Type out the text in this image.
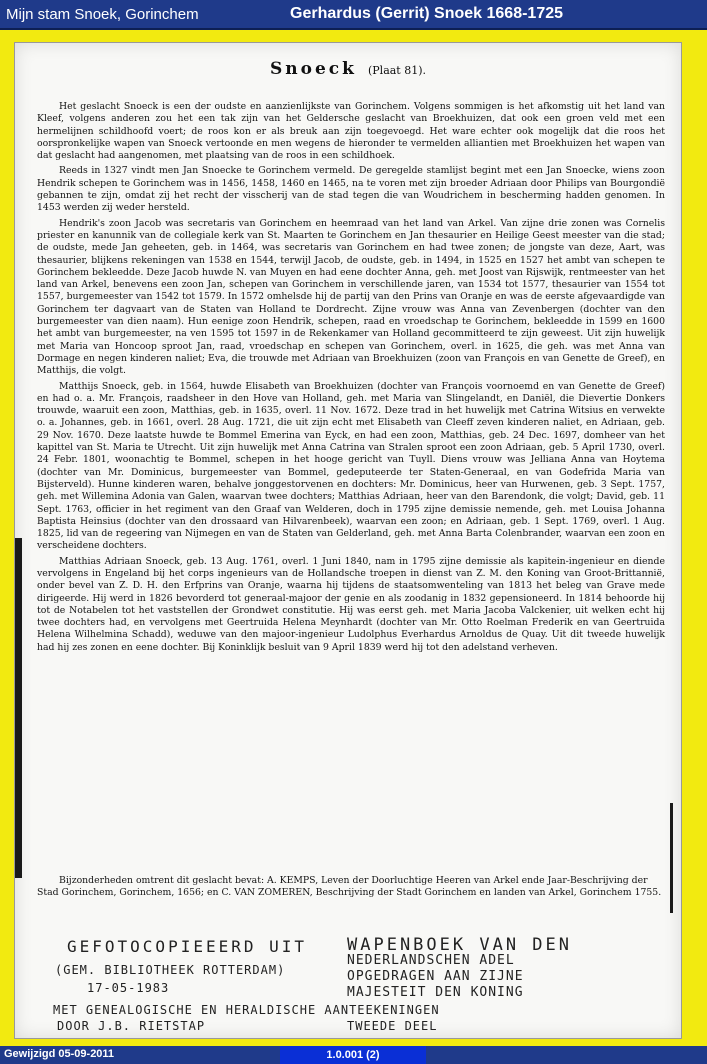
Mijn stam Snoek, Gorinchem	Gerhardus (Gerrit) Snoek 1668-1725
Snoeck (Plaat 81).

Het geslacht Snoeck is een der oudste en aanzienlijkste van Gorinchem. Volgens sommigen is het afkomstig uit het land van Kleef, volgens anderen zou het een tak zijn van het Geldersche geslacht van Broekhuizen, dat ook een groen veld met een hermelijnen schildhoofd voert; de roos kon er als breuk aan zijn toegevoegd. Het ware echter ook mogelijk dat die roos het oorspronkelijke wapen van Snoeck vertoonde en men wegens de hieronder te vermelden alliantien met Broekhuizen het wapen van dat geslacht had aangenomen, met plaatsing van de roos in een schildhoek.

Reeds in 1327 vindt men Jan Snoecke te Gorinchem vermeld. De geregelde stamlijst begint met een Jan Snoecke, wiens zoon Hendrik schepen te Gorinchem was in 1456, 1458, 1460 en 1465, na te voren met zijn broeder Adriaan door Philips van Bourgondië gebannen te zijn, omdat zij het recht der visscherij van de stad tegen die van Woudrichem in bescherming hadden genomen. In 1453 werden zij weder hersteld.

Hendrik's zoon Jacob was secretaris van Gorinchem en heemraad van het land van Arkel. Van zijne drie zonen was Cornelis priester en kanunnik van de collegiale kerk van St. Maarten te Gorinchem en Jan thesaurier en Heilige Geest meester van die stad; de oudste, mede Jan geheeten, geb. in 1464, was secretaris van Gorinchem en had twee zonen; de jongste van deze, Aart, was thesaurier, blijkens rekeningen van 1538 en 1544, terwijl Jacob, de oudste, geb. in 1494, in 1525 en 1527 het ambt van schepen te Gorinchem bekleedde. Deze Jacob huwde N. van Muyen en had eene dochter Anna, geh. met Joost van Rijswijk, rentmeester van het land van Arkel, benevens een zoon Jan, schepen van Gorinchem in verschillende jaren, van 1534 tot 1577, thesaurier van 1554 tot 1557, burgemeester van 1542 tot 1579. In 1572 omhelsde hij de partij van den Prins van Oranje en was de eerste afgevaardigde van Gorinchem ter dagvaart van de Staten van Holland te Dordrecht. Zijne vrouw was Anna van Zevenbergen (dochter van den burgemeester van dien naam). Hun eenige zoon Hendrik, schepen, raad en vroedschap te Gorinchem, bekleedde in 1599 en 1600 het ambt van burgemeester, na ven 1595 tot 1597 in de Rekenkamer van Holland gecommitteerd te zijn geweest. Uit zijn huwelijk met Maria van Honcoop sproot Jan, raad, vroedschap en schepen van Gorinchem, overl. in 1625, die geh. was met Anna van Dormage en negen kinderen naliet; Eva, die trouwde met Adriaan van Broekhuizen (zoon van François en van Genette de Greef), en Matthijs, die volgt.

Matthijs Snoeck, geb. in 1564, huwde Elisabeth van Broekhuizen (dochter van François voornoemd en van Genette de Greef) en had o. a. Mr. François, raadsheer in den Hove van Holland, geh. met Maria van Slingelandt, en Daniël, die Dievertie Donkers trouwde, waaruit een zoon, Matthias, geb. in 1635, overl. 11 Nov. 1672. Deze trad in het huwelijk met Catrina Witsius en verwekte o. a. Johannes, geb. in 1661, overl. 28 Aug. 1721, die uit zijn echt met Elisabeth van Cleeff zeven kinderen naliet, en Adriaan, geb. 29 Nov. 1670. Deze laatste huwde te Bommel Emerina van Eyck, en had een zoon, Matthias, geb. 24 Dec. 1697, domheer van het kapittel van St. Maria te Utrecht. Uit zijn huwelijk met Anna Catrina van Stralen sproot een zoon Adriaan, geb. 5 April 1730, overl. 24 Febr. 1801, woonachtig te Bommel, schepen in het hooge gericht van Tuyll. Diens vrouw was Jelliana Anna van Hoytema (dochter van Mr. Dominicus, burgemeester van Bommel, gedeputeerde ter Staten-Generaal, en van Godefrida Maria van Bijsterveld). Hunne kinderen waren, behalve jonggestorvenen en dochters: Mr. Dominicus, heer van Hurwenen, geb. 3 Sept. 1757, geh. met Willemina Adonia van Galen, waarvan twee dochters; Matthias Adriaan, heer van den Barendonk, die volgt; David, geb. 11 Sept. 1763, officier in het regiment van den Graaf van Welderen, doch in 1795 zijne demissie nemende, geh. met Louisa Johanna Baptista Heinsius (dochter van den drossaard van Hilvarenbeek), waarvan een zoon; en Adriaan, geb. 1 Sept. 1769, overl. 1 Aug. 1825, lid van de regeering van Nijmegen en van de Staten van Gelderland, geh. met Anna Barta Colenbrander, waarvan een zoon en verscheidene dochters.

Matthias Adriaan Snoeck, geb. 13 Aug. 1761, overl. 1 Juni 1840, nam in 1795 zijne demissie als kapitein-ingenieur en diende vervolgens in Engeland bij het corps ingenieurs van de Hollandsche troepen in dienst van Z. M. den Koning van Groot-Brittannië, onder bevel van Z. D. H. den Erfprins van Oranje, waarna hij tijdens de staatsomwenteling van 1813 het beleg van Grave mede dirigeerde. Hij werd in 1826 bevorderd tot generaal-majoor der genie en als zoodanig in 1832 gepensioneerd. In 1814 behoorde hij tot de Notabelen tot het vaststellen der Grondwet constitutie. Hij was eerst geh. met Maria Jacoba Valckenier, uit welken echt hij twee dochters had, en vervolgens met Geertruida Helena Meynhardt (dochter van Mr. Otto Roelman Frederik en van Geertruida Helena Wilhelmina Schadd), weduwe van den majoor-ingenieur Ludolphus Everhardus Arnoldus de Quay. Uit dit tweede huwelijk had hij zes zonen en eene dochter. Bij Koninklijk besluit van 9 April 1839 werd hij tot den adelstand verheven.

Bijzonderheden omtrent dit geslacht bevat: A. KEMPS, Leven der Doorluchtige Heeren van Arkel ende Jaar-Beschrijving der Stad Gorinchem, Gorinchem, 1656; en C. VAN ZOMEREN, Beschrijving der Stadt Gorinchem en landen van Arkel, Gorinchem 1755.

GEFOTOCOPIEEERD UIT
(GEM. BIBLIOTHEEK ROTTERDAM)
17-05-1983
MET GENEALOGISCHE EN HERALDISCHE AANTEEKENINGEN
DOOR J.B. RIETSTAP
WAPENBOEK VAN DEN
NEDERLANDSCHEN ADEL
OPGEDRAGEN AAN ZIJNE
MAJESTEIT DEN KONING
TWEEDE DEEL
Gewijzigd 05-09-2011	1.0.001 (2)
